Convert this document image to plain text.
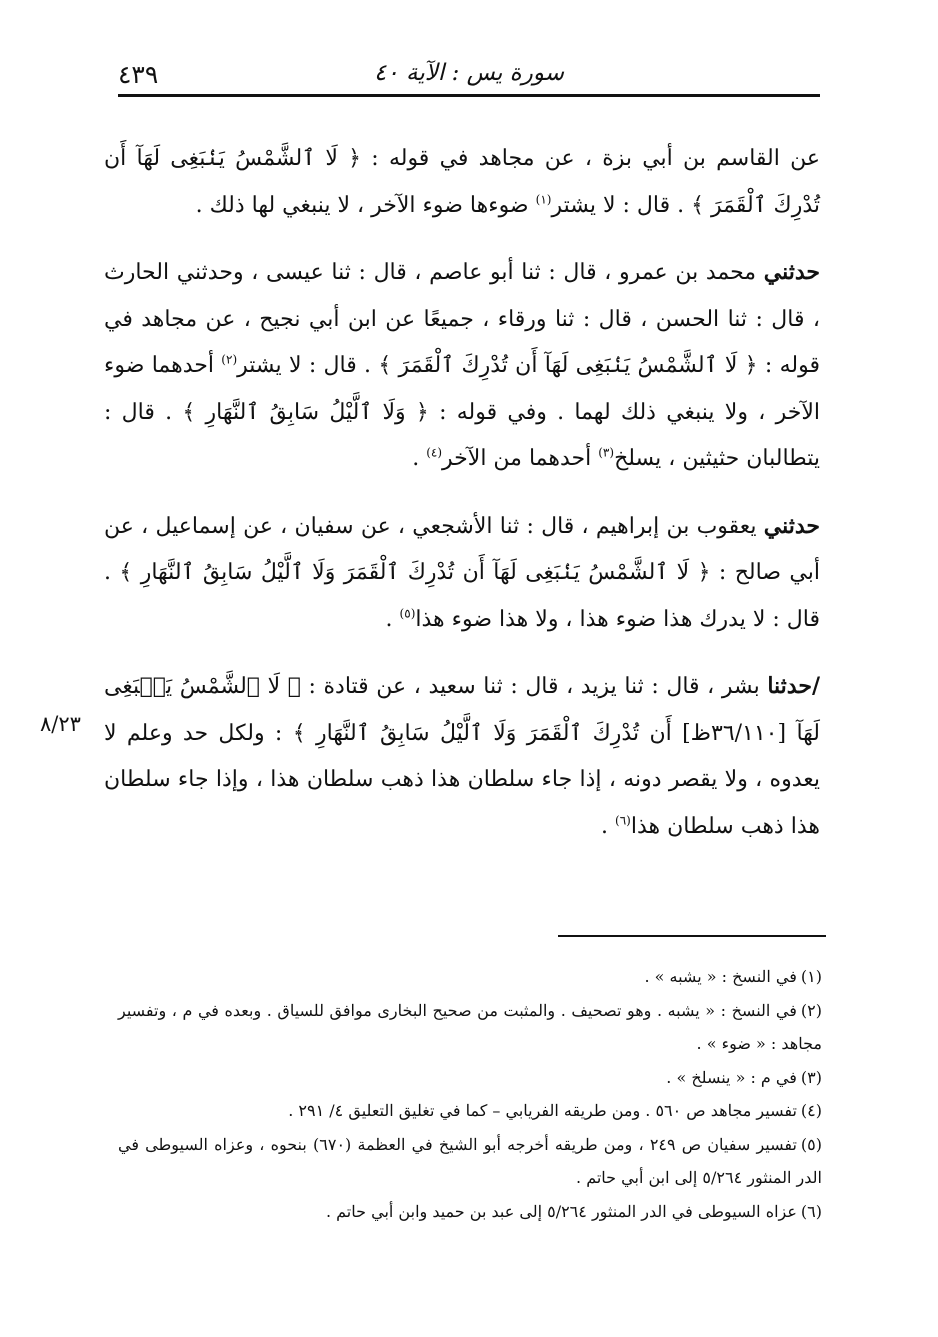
سورة يس : الآية ٤٠
٤٣٩
٨/٢٣

عن القاسم بن أبي بزة ، عن مجاهد في قوله : ﴿ لَا ٱلشَّمْسُ يَنۢبَغِى لَهَآ أَن تُدْرِكَ ٱلْقَمَرَ ﴾ . قال : لا يشتر$^{(١)}$ ضوءها ضوء الآخر ، لا ينبغي لها ذلك .

حدثني محمد بن عمرو ، قال : ثنا أبو عاصم ، قال : ثنا عيسى ، وحدثني الحارث ، قال : ثنا الحسن ، قال : ثنا ورقاء ، جميعًا عن ابن أبي نجيح ، عن مجاهد في قوله : ﴿ لَا ٱلشَّمْسُ يَنۢبَغِى لَهَآ أَن تُدْرِكَ ٱلْقَمَرَ ﴾ . قال : لا يشتر$^{(٢)}$ أحدهما ضوء الآخر ، ولا ينبغي ذلك لهما . وفي قوله : ﴿ وَلَا ٱلَّيْلُ سَابِقُ ٱلنَّهَارِ ﴾ . قال : يتطالبان حثيثين ، يسلخ$^{(٣)}$ أحدهما من الآخر$^{(٤)}$ .

حدثني يعقوب بن إبراهيم ، قال : ثنا الأشجعي ، عن سفيان ، عن إسماعيل ، عن أبي صالح : ﴿ لَا ٱلشَّمْسُ يَنۢبَغِى لَهَآ أَن تُدْرِكَ ٱلْقَمَرَ وَلَا ٱلَّيْلُ سَابِقُ ٱلنَّهَارِ ﴾ . قال : لا يدرك هذا ضوء هذا ، ولا هذا ضوء هذا$^{(٥)}$ .

/حدثنا بشر ، قال : ثنا يزيد ، قال : ثنا سعيد ، عن قتادة : ﴿ لَا ٱلشَّمْسُ يَنۢبَغِى لَهَآ [٣٦/١١٠ظ] أَن تُدْرِكَ ٱلْقَمَرَ وَلَا ٱلَّيْلُ سَابِقُ ٱلنَّهَارِ ﴾ : ولكل حد وعلم لا يعدوه ، ولا يقصر دونه ، إذا جاء سلطان هذا ذهب سلطان هذا ، وإذا جاء سلطان هذا ذهب سلطان هذا$^{(٦)}$ .

(١)في النسخ : « يشبه » .

(٢)في النسخ : « يشبه . وهو تصحيف . والمثبت من صحيح البخارى موافق للسياق . وبعده في م ، وتفسير مجاهد : « ضوء » .

(٣)في م : « ينسلخ » .

(٤)تفسير مجاهد ص ٥٦٠ . ومن طريقه الفريابي – كما في تغليق التعليق ٤/ ٢٩١ .

(٥)تفسير سفيان ص ٢٤٩ ، ومن طريقه أخرجه أبو الشيخ في العظمة (٦٧٠) بنحوه ، وعزاه السيوطى في الدر المنثور ٥/٢٦٤ إلى ابن أبي حاتم .

(٦)عزاه السيوطى في الدر المنثور ٥/٢٦٤ إلى عبد بن حميد وابن أبي حاتم .
